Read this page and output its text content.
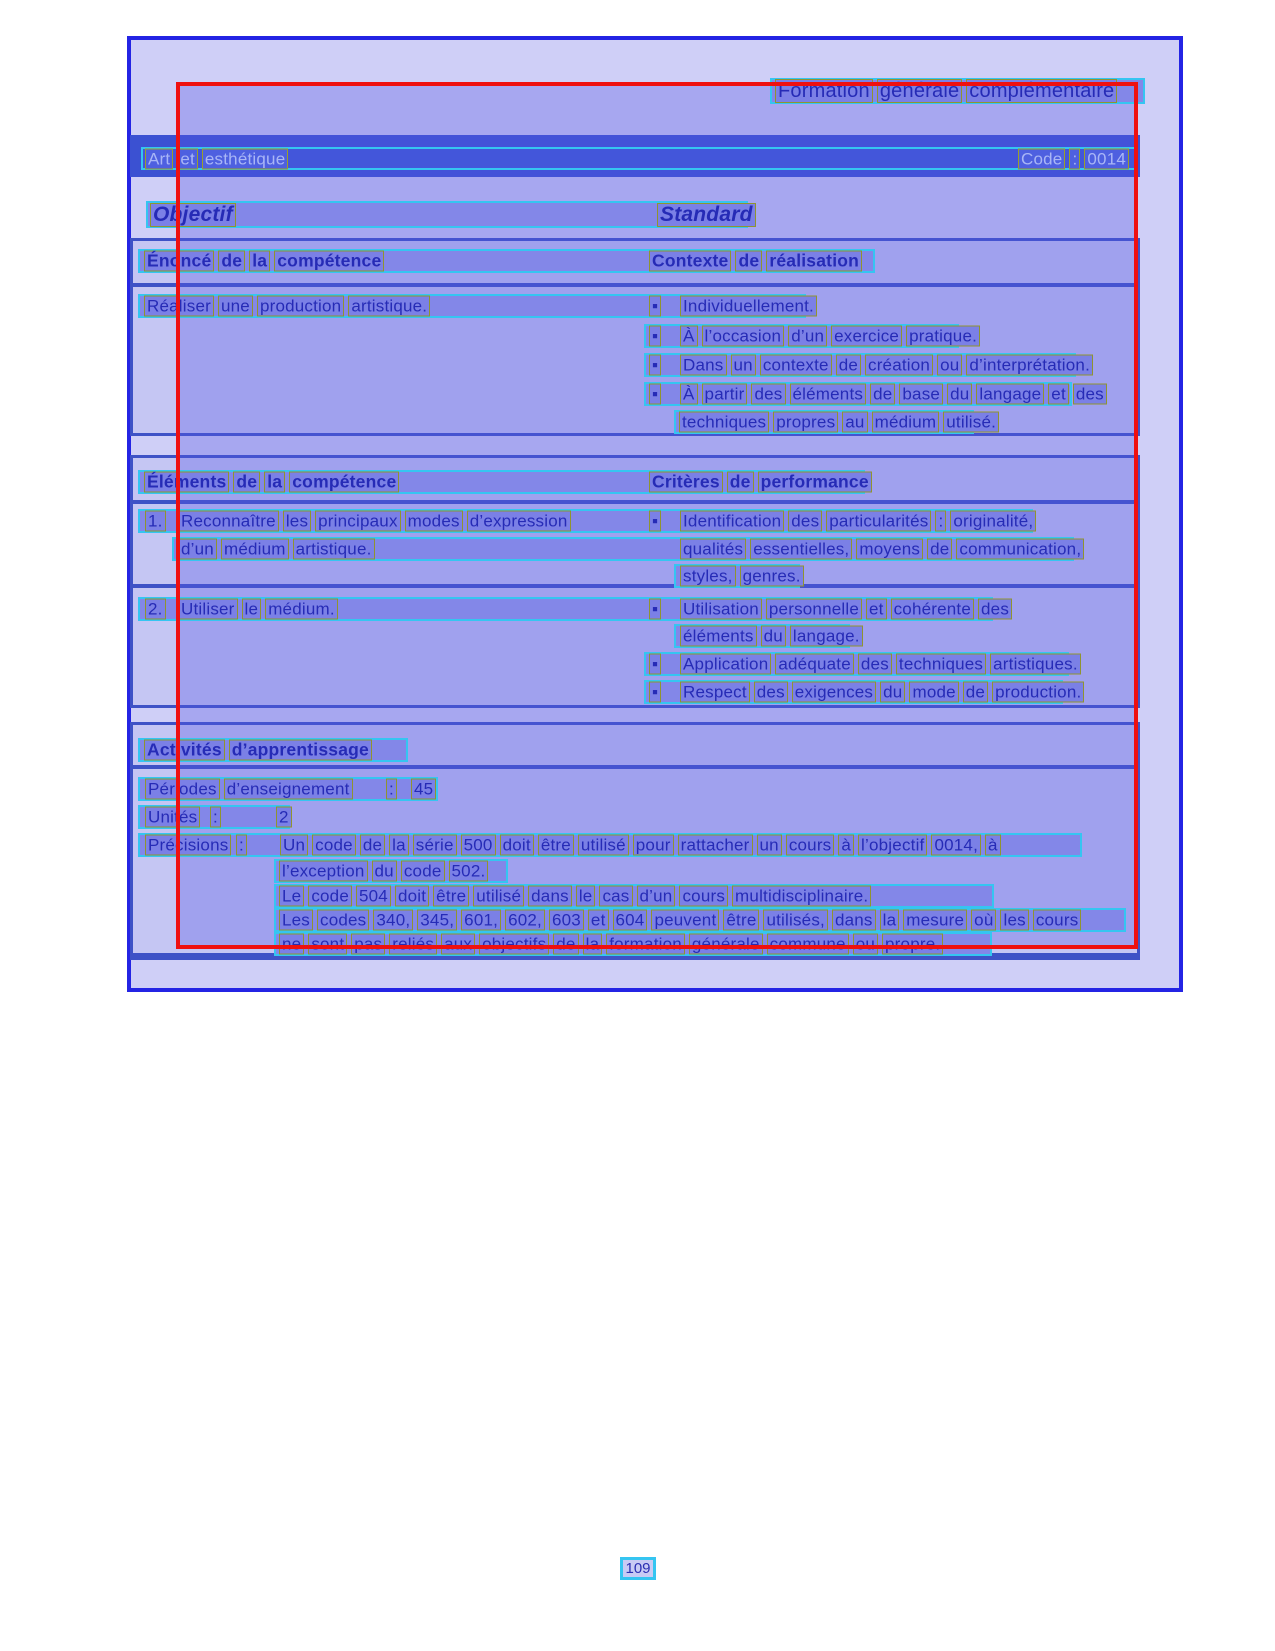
Formation générale complémentaire
Art et esthétique	Code : 0014
Objectif	Standard
Énoncé de la compétence	Contexte de réalisation
Réaliser une production artistique.	▪ Individuellement.
▪ À l’occasion d’un exercice pratique.
▪ Dans un contexte de création ou d’interprétation.
▪ À partir des éléments de base du langage et des
techniques propres au médium utilisé.
Éléments de la compétence	Critères de performance
1. Reconnaître les principaux modes d’expression	▪ Identification des particularités : originalité,
d’un médium artistique.	qualités essentielles, moyens de communication,
styles, genres.
2. Utiliser le médium.	▪ Utilisation personnelle et cohérente des
éléments du langage.
▪ Application adéquate des techniques artistiques.
▪ Respect des exigences du mode de production.
Activités d’apprentissage
Périodes d’enseignement : 45
Unités :	2
Précisions : Un code de la série 500 doit être utilisé pour rattacher un cours à l’objectif 0014, à
l’exception du code 502.
Le code 504 doit être utilisé dans le cas d’un cours multidisciplinaire.
Les codes 340, 345, 601, 602, 603 et 604 peuvent être utilisés, dans la mesure où les cours
ne sont pas reliés aux objectifs de la formation générale commune ou propre.
109
